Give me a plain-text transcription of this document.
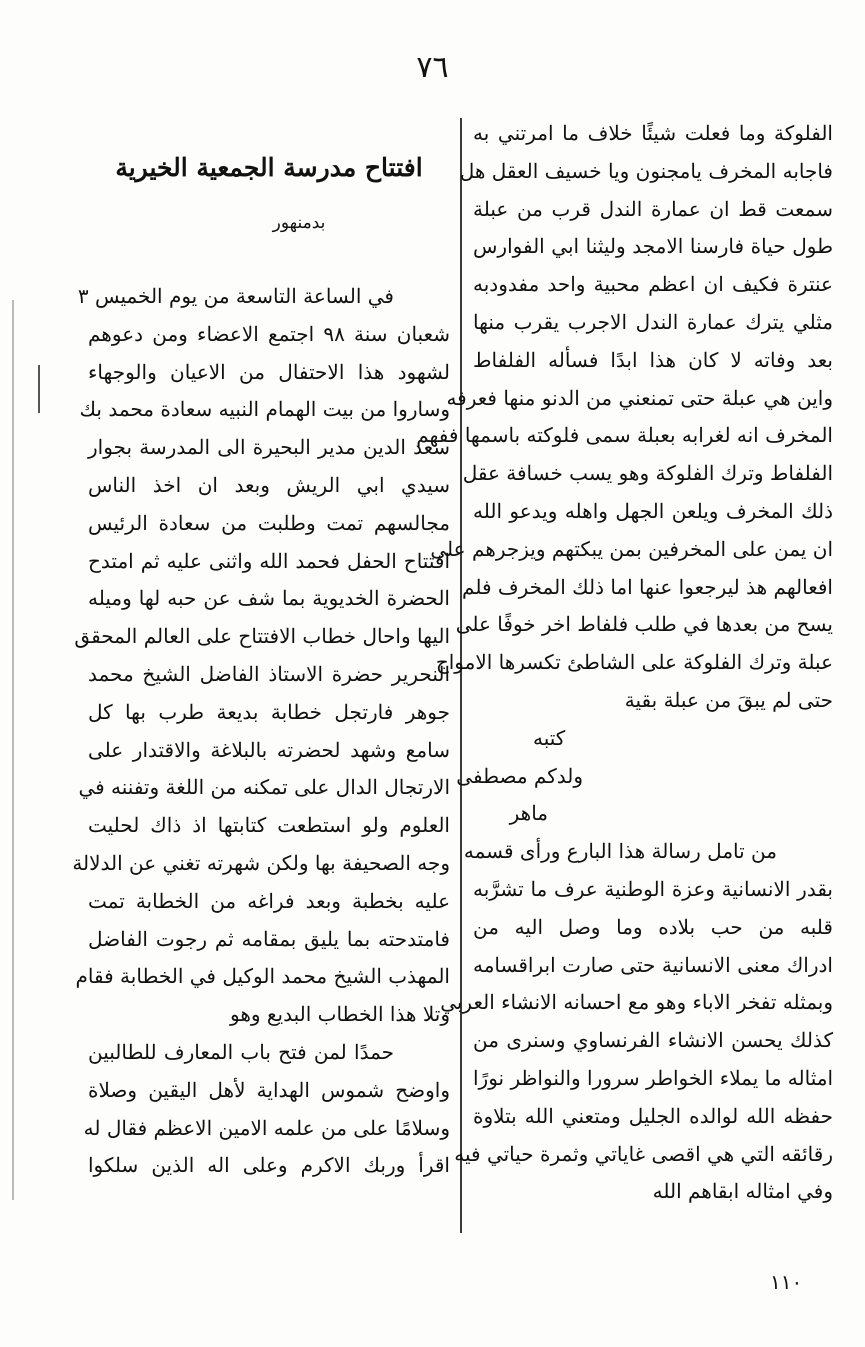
٧٦
الفلوكة وما فعلت شيئًا خلاف ما امرتني به
فاجابه المخرف يامجنون ويا خسيف العقل هل
سمعت قط ان عمارة الندل قرب من عبلة
طول حياة فارسنا الامجد وليثنا ابي الفوارس
عنترة فكيف ان اعظم محبية واحد مفدودبه
مثلي يترك عمارة الندل الاجرب يقرب منها
بعد وفاته لا كان هذا ابدًا فسأله الفلفاط
واين هي عبلة حتى تمنعني من الدنو منها فعرفه
المخرف انه لغرابه بعبلة سمى فلوكته باسمها ففهم
الفلفاط وترك الفلوكة وهو يسب خسافة عقل
ذلك المخرف ويلعن الجهل واهله ويدعو الله
ان يمن على المخرفين بمن يبكتهم ويزجرهم على
افعالهم هذ ليرجعوا عنها اما ذلك المخرف فلم
يسح من بعدها في طلب فلفاط اخر خوفًا على
عبلة وترك الفلوكة على الشاطئ تكسرها الامواج
حتى لم يبقَ من عبلة بقية
كتبه
ولدكم مصطفى
ماهر
من تامل رسالة هذا البارع ورأى قسمه
بقدر الانسانية وعزة الوطنية عرف ما تشرَّبه
قلبه من حب بلاده وما وصل اليه من
ادراك معنى الانسانية حتى صارت ابراقسامه
وبمثله تفخر الاباء وهو مع احسانه الانشاء العربي
كذلك يحسن الانشاء الفرنساوي وسنرى من
امثاله ما يملاء الخواطر سرورا والنواظر نورًا
حفظه الله لوالده الجليل ومتعني الله بتلاوة
رقائقه التي هي اقصى غاياتي وثمرة حياتي فيه
وفي امثاله ابقاهم الله
افتتاح مدرسة الجمعية الخيرية
بدمنهور
في الساعة التاسعة من يوم الخميس ٣
شعبان سنة ٩٨ اجتمع الاعضاء ومن دعوهم
لشهود هذا الاحتفال من الاعيان والوجهاء
وساروا من بيت الهمام النبيه سعادة محمد بك
سعد الدين مدير البحيرة الى المدرسة بجوار
سيدي ابي الريش وبعد ان اخذ الناس
مجالسهم تمت وطلبت من سعادة الرئيس
افتتاح الحفل فحمد الله واثنى عليه ثم امتدح
الحضرة الخديوية بما شف عن حبه لها وميله
اليها واحال خطاب الافتتاح على العالم المحقق
النحرير حضرة الاستاذ الفاضل الشيخ محمد
جوهر فارتجل خطابة بديعة طرب بها كل
سامع وشهد لحضرته بالبلاغة والاقتدار على
الارتجال الدال على تمكنه من اللغة وتفننه في
العلوم ولو استطعت كتابتها اذ ذاك لحليت
وجه الصحيفة بها ولكن شهرته تغني عن الدلالة
عليه بخطبة وبعد فراغه من الخطابة تمت
فامتدحته بما يليق بمقامه ثم رجوت الفاضل
المهذب الشيخ محمد الوكيل في الخطابة فقام
وتلا هذا الخطاب البديع وهو
حمدًا لمن فتح باب المعارف للطالبين
واوضح شموس الهداية لأهل اليقين وصلاة
وسلامًا على من علمه الامين الاعظم فقال له
اقرأ وربك الاكرم وعلى اله الذين سلكوا
١١٠
